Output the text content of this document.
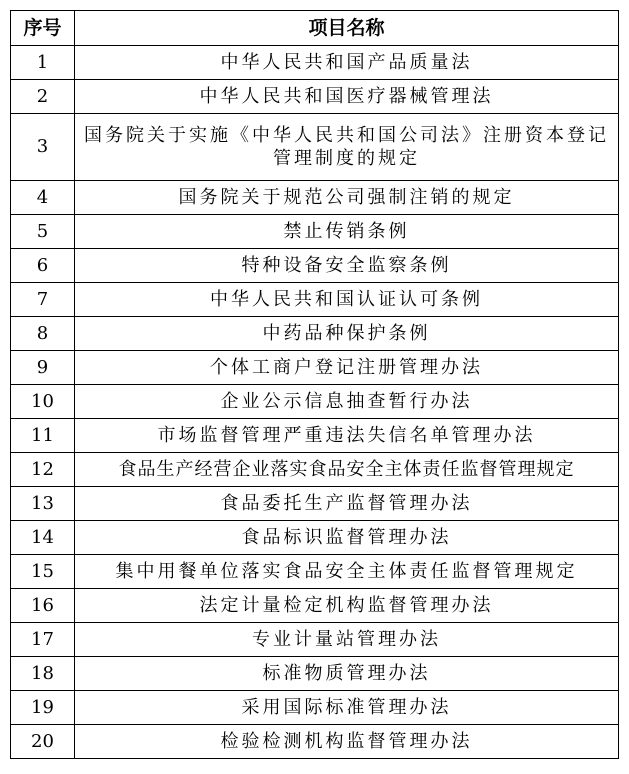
序号	项目名称
1	中华人民共和国产品质量法
2	中华人民共和国医疗器械管理法
3	国务院关于实施《中华人民共和国公司法》注册资本登记管理制度的规定
4	国务院关于规范公司强制注销的规定
5	禁止传销条例
6	特种设备安全监察条例
7	中华人民共和国认证认可条例
8	中药品种保护条例
9	个体工商户登记注册管理办法
10	企业公示信息抽查暂行办法
11	市场监督管理严重违法失信名单管理办法
12	食品生产经营企业落实食品安全主体责任监督管理规定
13	食品委托生产监督管理办法
14	食品标识监督管理办法
15	集中用餐单位落实食品安全主体责任监督管理规定
16	法定计量检定机构监督管理办法
17	专业计量站管理办法
18	标准物质管理办法
19	采用国际标准管理办法
20	检验检测机构监督管理办法
